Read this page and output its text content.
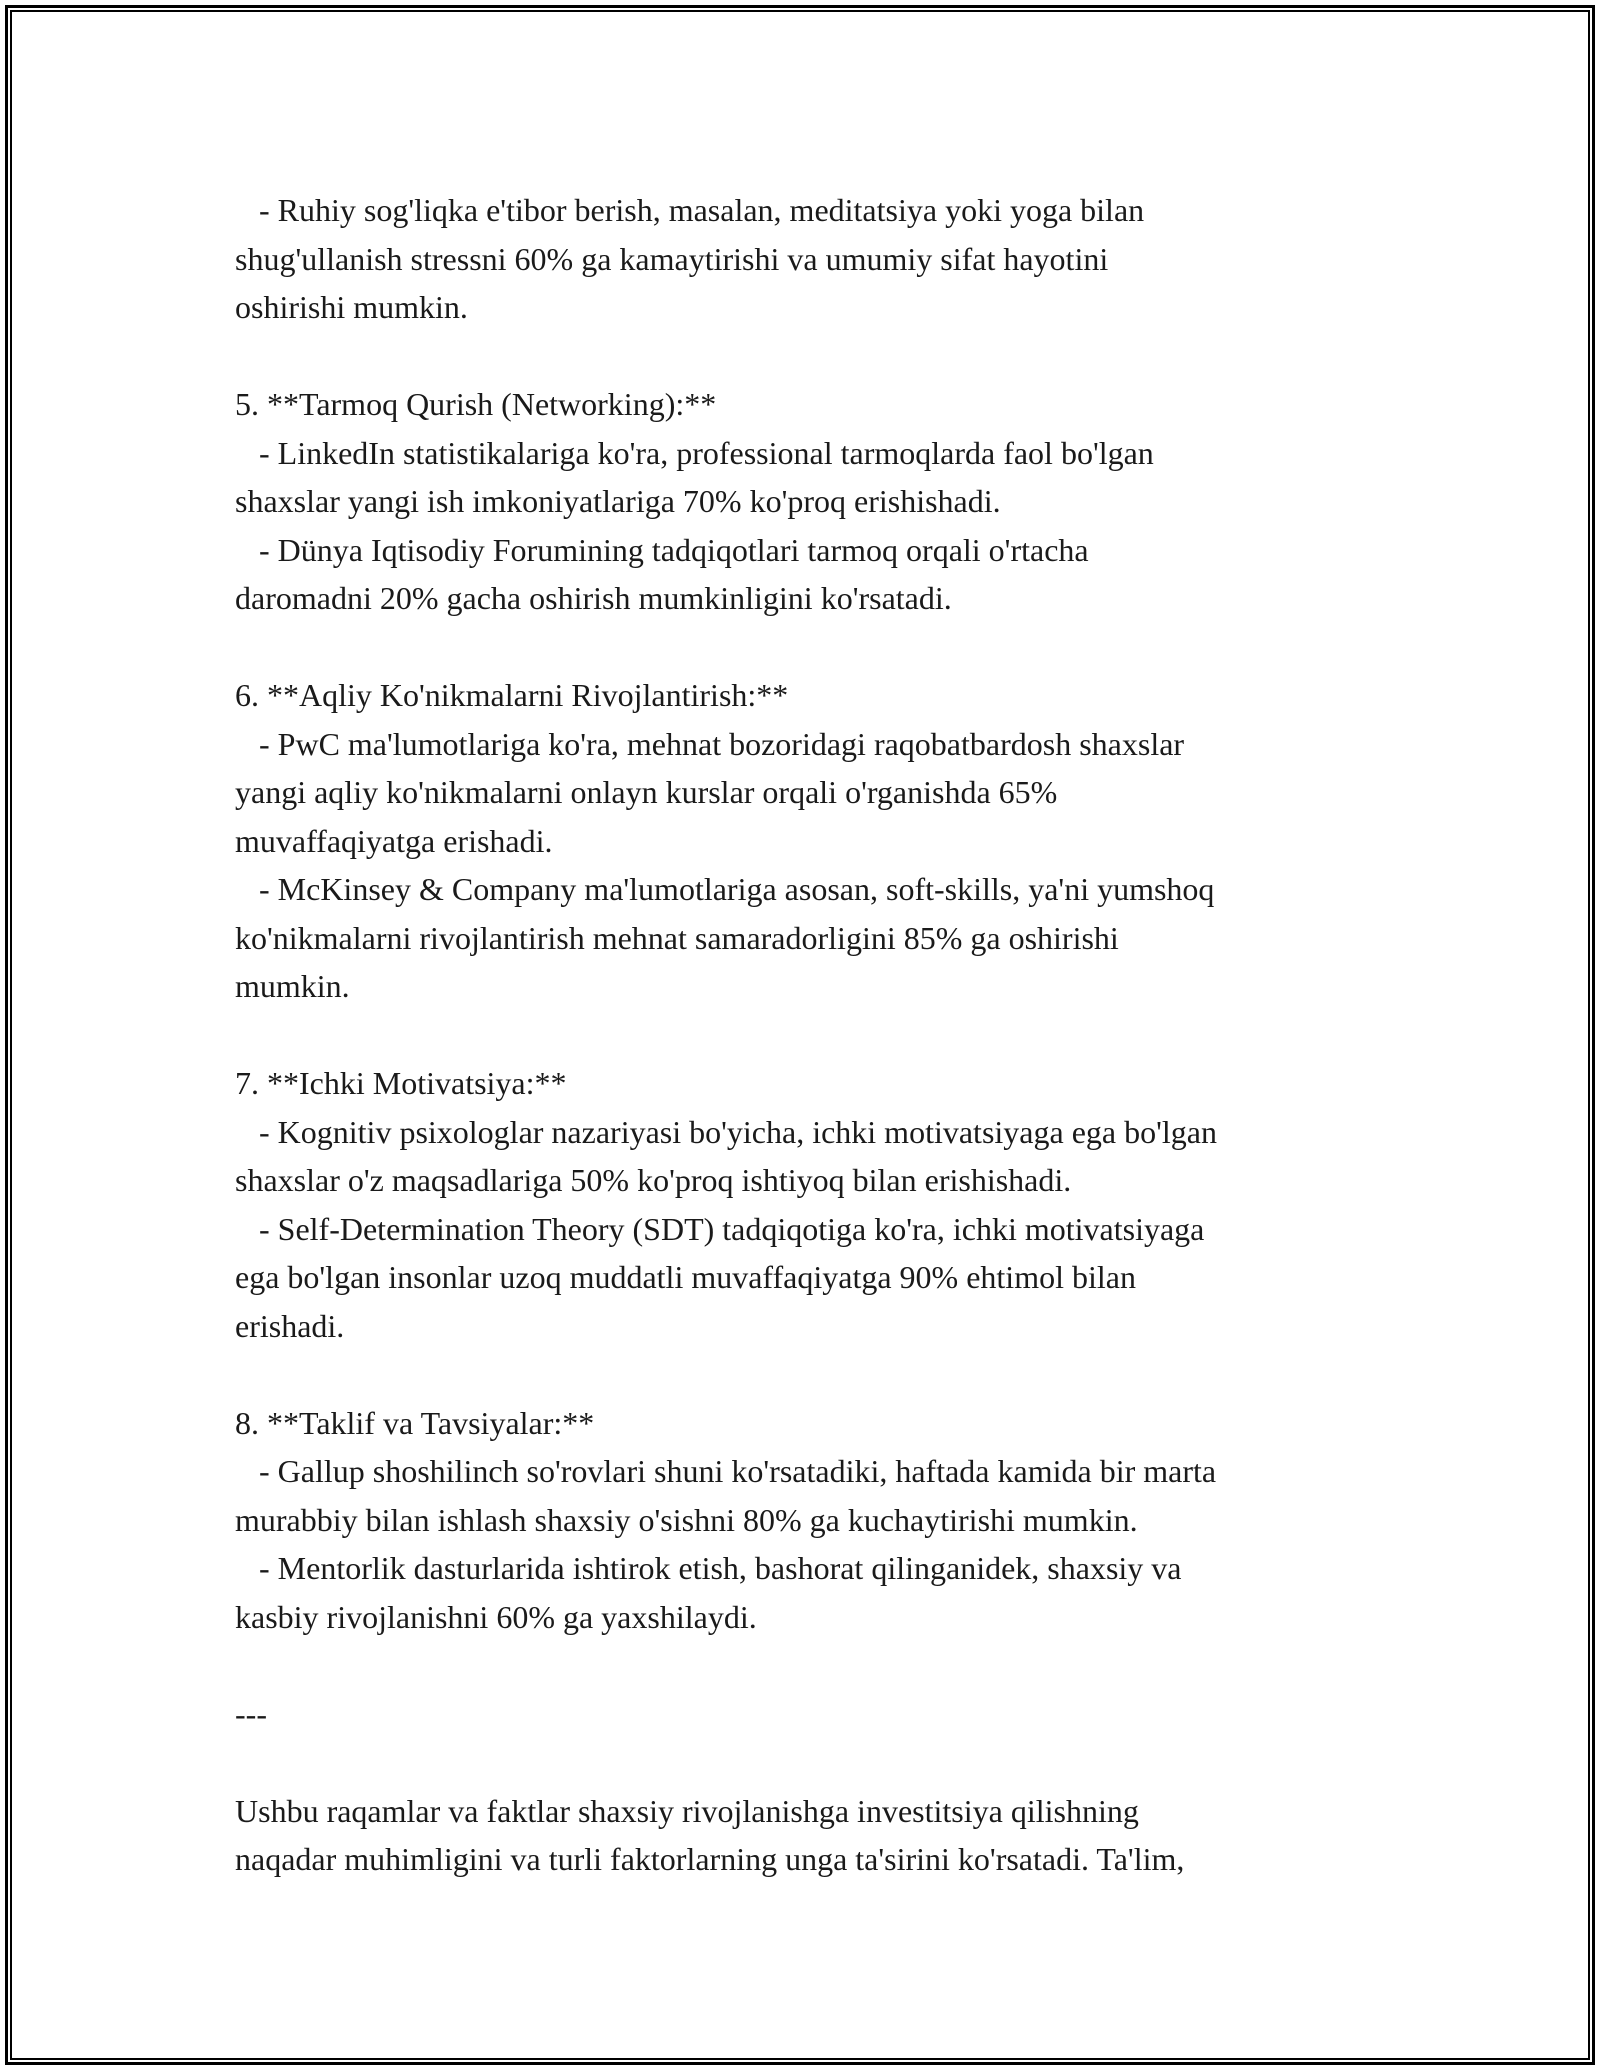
- Ruhiy sog'liqka e'tibor berish, masalan, meditatsiya yoki yoga bilan
shug'ullanish stressni 60% ga kamaytirishi va umumiy sifat hayotini
oshirishi mumkin.
5. **Tarmoq Qurish (Networking):**
- LinkedIn statistikalariga ko'ra, professional tarmoqlarda faol bo'lgan
shaxslar yangi ish imkoniyatlariga 70% ko'proq erishishadi.
- Dünya Iqtisodiy Forumining tadqiqotlari tarmoq orqali o'rtacha
daromadni 20% gacha oshirish mumkinligini ko'rsatadi.
6. **Aqliy Ko'nikmalarni Rivojlantirish:**
- PwC ma'lumotlariga ko'ra, mehnat bozoridagi raqobatbardosh shaxslar
yangi aqliy ko'nikmalarni onlayn kurslar orqali o'rganishda 65%
muvaffaqiyatga erishadi.
- McKinsey & Company ma'lumotlariga asosan, soft-skills, ya'ni yumshoq
ko'nikmalarni rivojlantirish mehnat samaradorligini 85% ga oshirishi
mumkin.
7. **Ichki Motivatsiya:**
- Kognitiv psixologlar nazariyasi bo'yicha, ichki motivatsiyaga ega bo'lgan
shaxslar o'z maqsadlariga 50% ko'proq ishtiyoq bilan erishishadi.
- Self-Determination Theory (SDT) tadqiqotiga ko'ra, ichki motivatsiyaga
ega bo'lgan insonlar uzoq muddatli muvaffaqiyatga 90% ehtimol bilan
erishadi.
8. **Taklif va Tavsiyalar:**
- Gallup shoshilinch so'rovlari shuni ko'rsatadiki, haftada kamida bir marta
murabbiy bilan ishlash shaxsiy o'sishni 80% ga kuchaytirishi mumkin.
- Mentorlik dasturlarida ishtirok etish, bashorat qilinganidek, shaxsiy va
kasbiy rivojlanishni 60% ga yaxshilaydi.
---
Ushbu raqamlar va faktlar shaxsiy rivojlanishga investitsiya qilishning
naqadar muhimligini va turli faktorlarning unga ta'sirini ko'rsatadi. Ta'lim,
